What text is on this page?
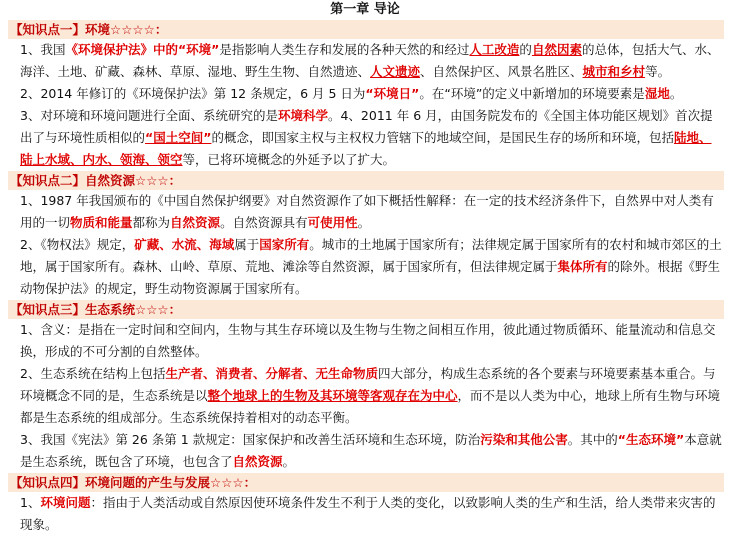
第一章 导论
【知识点一】环境☆☆☆☆：
1、我国《环境保护法》中的“环境”是指影响人类生存和发展的各种天然的和经过人工改造的自然因素的总体，包括大气、水、海洋、土地、矿藏、森林、草原、湿地、野生生物、自然遗迹、人文遗迹、自然保护区、风景名胜区、城市和乡村等。
2、2014 年修订的《环境保护法》第 12 条规定，6 月 5 日为“环境日”。在“环境”的定义中新增加的环境要素是湿地。
3、对环境和环境问题进行全面、系统研究的是环境科学。4、2011 年 6 月，由国务院发布的《全国主体功能区规划》首次提出了与环境性质相似的“国土空间”的概念，即国家主权与主权权力管辖下的地域空间，是国民生存的场所和环境，包括陆地、陆上水域、内水、领海、领空等，已将环境概念的外延予以了扩大。
【知识点二】自然资源☆☆☆：
1、1987 年我国颁布的《中国自然保护纲要》对自然资源作了如下概括性解释：在一定的技术经济条件下，自然界中对人类有用的一切物质和能量都称为自然资源。自然资源具有可使用性。
2、《物权法》规定，矿藏、水流、海域属于国家所有。城市的土地属于国家所有；法律规定属于国家所有的农村和城市郊区的土地，属于国家所有。森林、山岭、草原、荒地、滩涂等自然资源，属于国家所有，但法律规定属于集体所有的除外。根据《野生动物保护法》的规定，野生动物资源属于国家所有。
【知识点三】生态系统☆☆☆：
1、含义：是指在一定时间和空间内，生物与其生存环境以及生物与生物之间相互作用，彼此通过物质循环、能量流动和信息交换，形成的不可分割的自然整体。
2、生态系统在结构上包括生产者、消费者、分解者、无生命物质四大部分，构成生态系统的各个要素与环境要素基本重合。与环境概念不同的是，生态系统是以整个地球上的生物及其环境等客观存在为中心，而不是以人类为中心，地球上所有生物与环境都是生态系统的组成部分。生态系统保持着相对的动态平衡。
3、我国《宪法》第 26 条第 1 款规定：国家保护和改善生活环境和生态环境，防治污染和其他公害。其中的“生态环境”本意就是生态系统，既包含了环境，也包含了自然资源。
【知识点四】环境问题的产生与发展☆☆☆：
1、环境问题：指由于人类活动或自然原因使环境条件发生不利于人类的变化，以致影响人类的生产和生活，给人类带来灾害的现象。
